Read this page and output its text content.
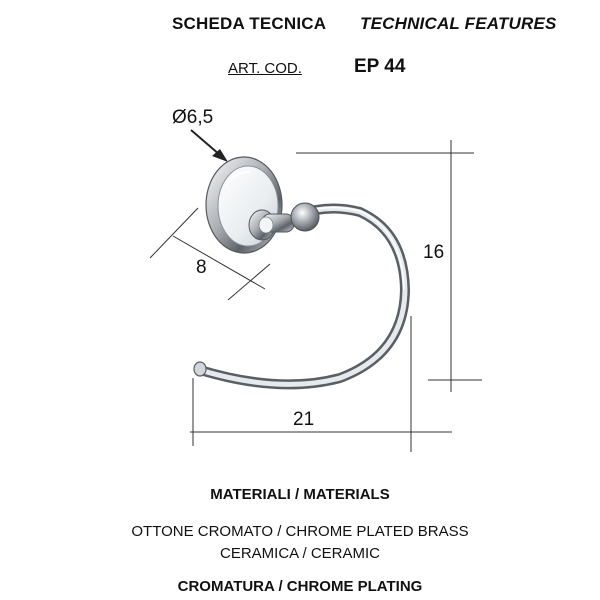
SCHEDA TECNICA TECHNICAL FEATURES
ART. COD.	EP 44
Ø6,5
8
16
21
MATERIALI / MATERIALS
OTTONE CROMATO / CHROME PLATED BRASS
CERAMICA / CERAMIC
CROMATURA / CHROME PLATING
